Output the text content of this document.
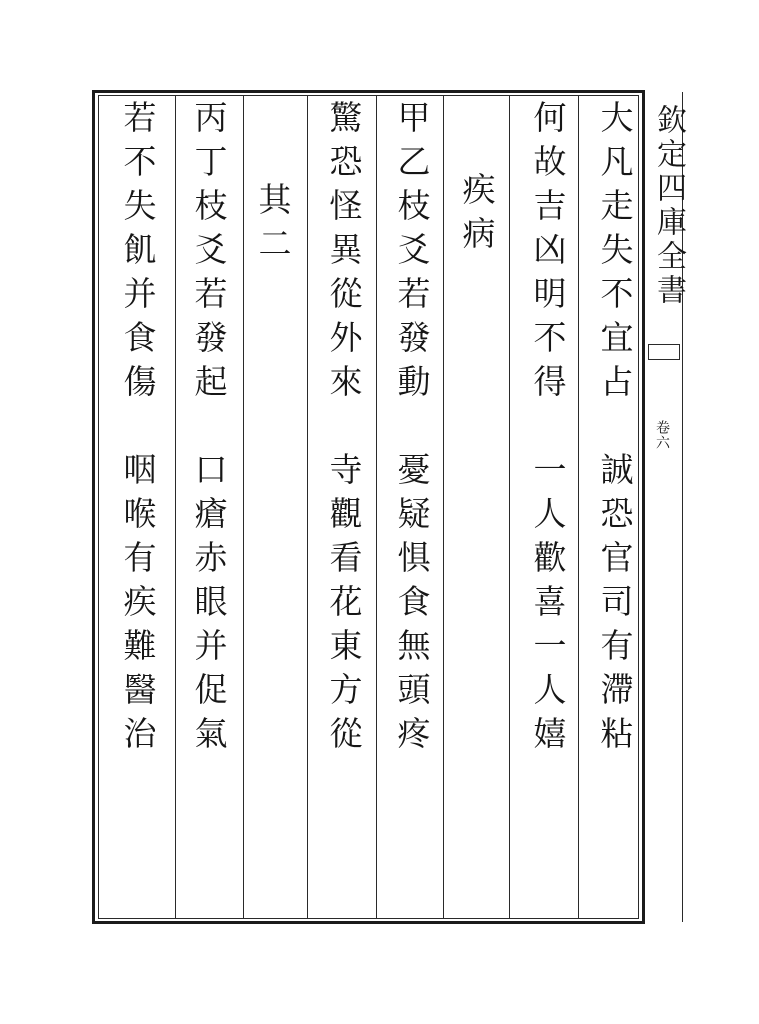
大凡走失不宜占
誠恐官司有滯粘
何故吉凶明不得
一人歡喜一人嬉
疾病
甲乙枝爻若發動
憂疑惧食無頭疼
驚恐怪異從外來
寺觀看花東方從
其二
丙丁枝爻若發起
口瘡赤眼并促氣
若不失飢并食傷
咽喉有疾難醫治
欽定四庫全書
卷六
